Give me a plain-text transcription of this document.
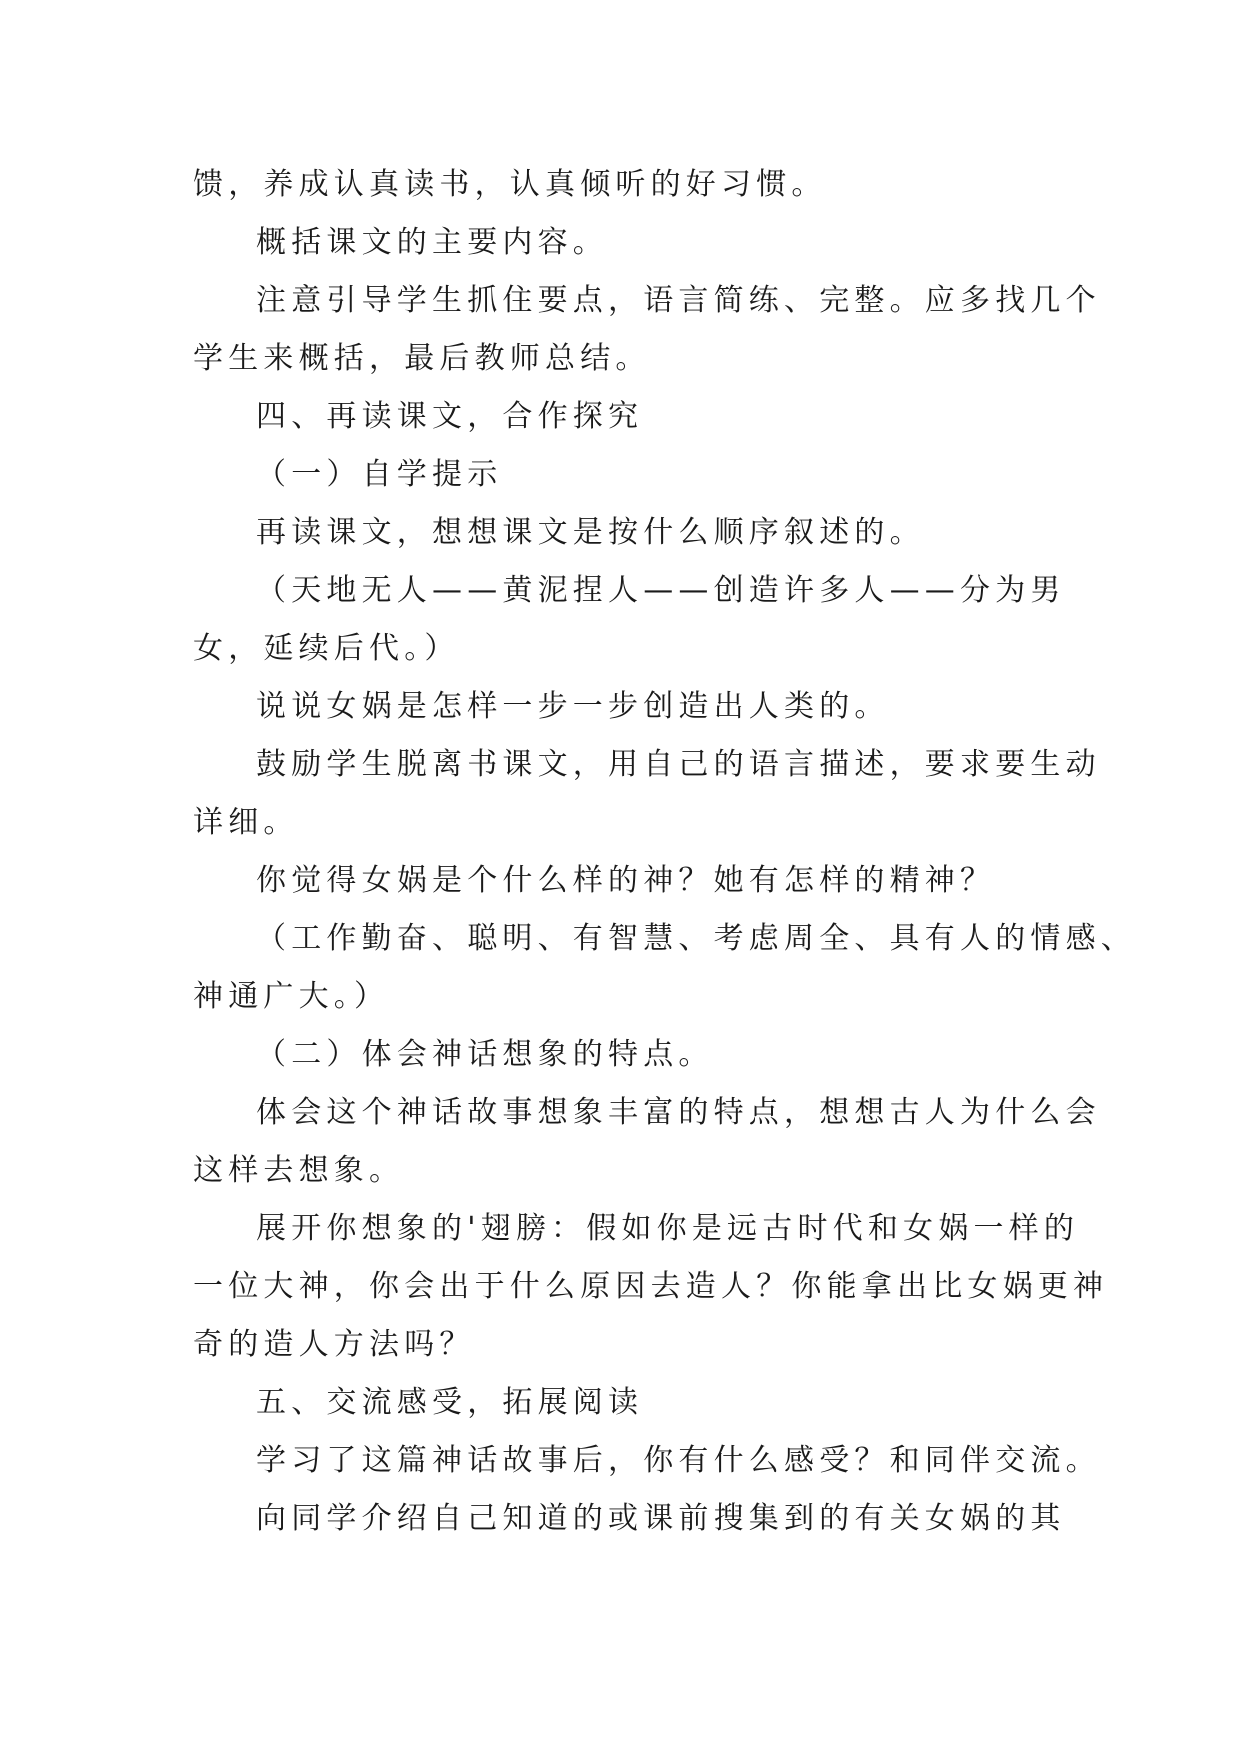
馈，养成认真读书，认真倾听的好习惯。
概括课文的主要内容。
注意引导学生抓住要点，语言简练、完整。应多找几个
学生来概括，最后教师总结。
四、再读课文，合作探究
（一）自学提示
再读课文，想想课文是按什么顺序叙述的。
（天地无人——黄泥捏人——创造许多人——分为男
女，延续后代。）
说说女娲是怎样一步一步创造出人类的。
鼓励学生脱离书课文，用自己的语言描述，要求要生动
详细。
你觉得女娲是个什么样的神？她有怎样的精神？
（工作勤奋、聪明、有智慧、考虑周全、具有人的情感、
神通广大。）
（二）体会神话想象的特点。
体会这个神话故事想象丰富的特点，想想古人为什么会
这样去想象。
展开你想象的'翅膀：假如你是远古时代和女娲一样的
一位大神，你会出于什么原因去造人？你能拿出比女娲更神
奇的造人方法吗？
五、交流感受，拓展阅读
学习了这篇神话故事后，你有什么感受？和同伴交流。
向同学介绍自己知道的或课前搜集到的有关女娲的其
